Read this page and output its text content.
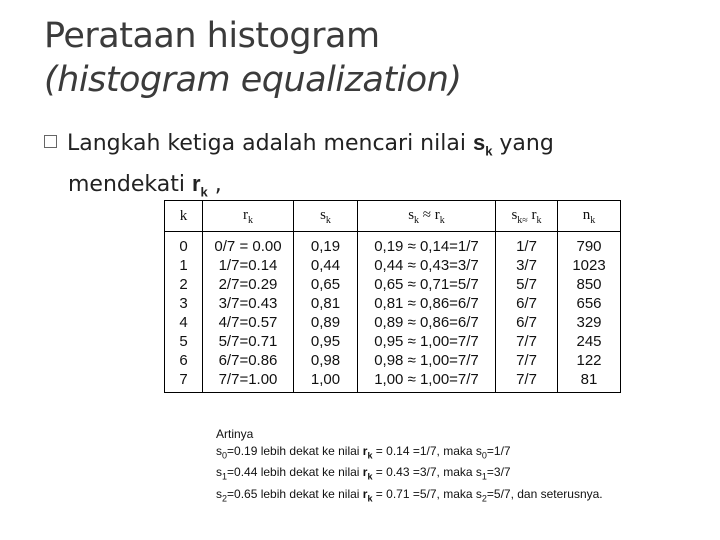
Perataan histogram
(histogram equalization)
Langkah ketiga adalah mencari nilai $s_k$ yang
mendekati $r_k$ ,
k	$r_k$	$s_k$	$s_k \approx r_k$	$s_{k\approx}$ $r_k$	$n_k$
0	0/7 = 0.00	0,19	0,19 ≈ 0,14=1/7	1/7	790
1	1/7=0.14	0,44	0,44 ≈ 0,43=3/7	3/7	1023
2	2/7=0.29	0,65	0,65 ≈ 0,71=5/7	5/7	850
3	3/7=0.43	0,81	0,81 ≈ 0,86=6/7	6/7	656
4	4/7=0.57	0,89	0,89 ≈ 0,86=6/7	6/7	329
5	5/7=0.71	0,95	0,95 ≈ 1,00=7/7	7/7	245
6	6/7=0.86	0,98	0,98 ≈ 1,00=7/7	7/7	122
7	7/7=1.00	1,00	1,00 ≈ 1,00=7/7	7/7	81
Artinya
$s_0=0.19$ lebih dekat ke nilai $r_k = 0.14 =1/7$, maka $s_0=1/7$
$s_1=0.44$ lebih dekat ke nilai $r_k = 0.43 =3/7$, maka $s_1=3/7$
$s_2=0.65$ lebih dekat ke nilai $r_k = 0.71 =5/7$, maka $s_2=5/7$, dan seterusnya.
